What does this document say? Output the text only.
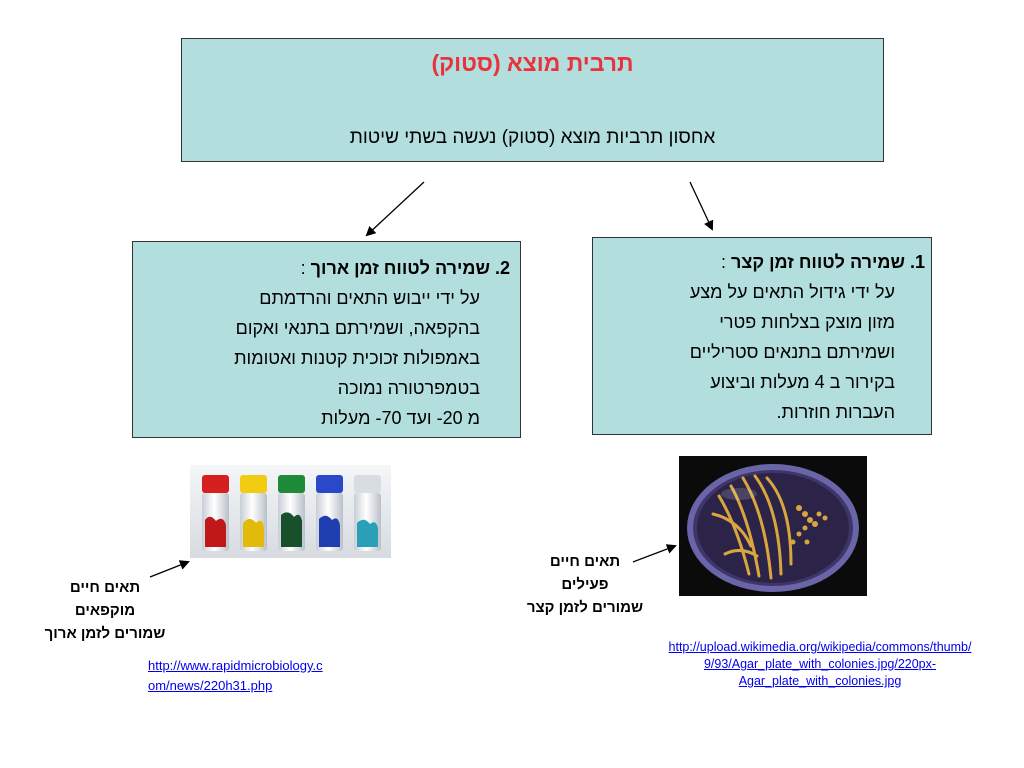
תרבית מוצא (סטוק)
אחסון תרביות מוצא (סטוק) נעשה בשתי שיטות
1. שמירה לטווח זמן קצר :
על ידי גידול התאים על מצע
מזון מוצק בצלחות פטרי
ושמירתם בתנאים סטריליים
בקירור ב 4 מעלות וביצוע
העברות חוזרות.
2. שמירה לטווח זמן ארוך :
על ידי ייבוש התאים והרדמתם
בהקפאה, ושמירתם בתנאי ואקום
באמפולות זכוכית קטנות ואטומות
בטמפרטורה נמוכה
מ 20- ועד 70- מעלות
תאים חיים
מוקפאים
שמורים לזמן ארוך
תאים חיים
פעילים
שמורים לזמן קצר
http://www.rapidmicrobiology.c
om/news/220h31.php
http://upload.wikimedia.org/wikipedia/commons/thumb/
9/93/Agar_plate_with_colonies.jpg/220px-
Agar_plate_with_colonies.jpg
